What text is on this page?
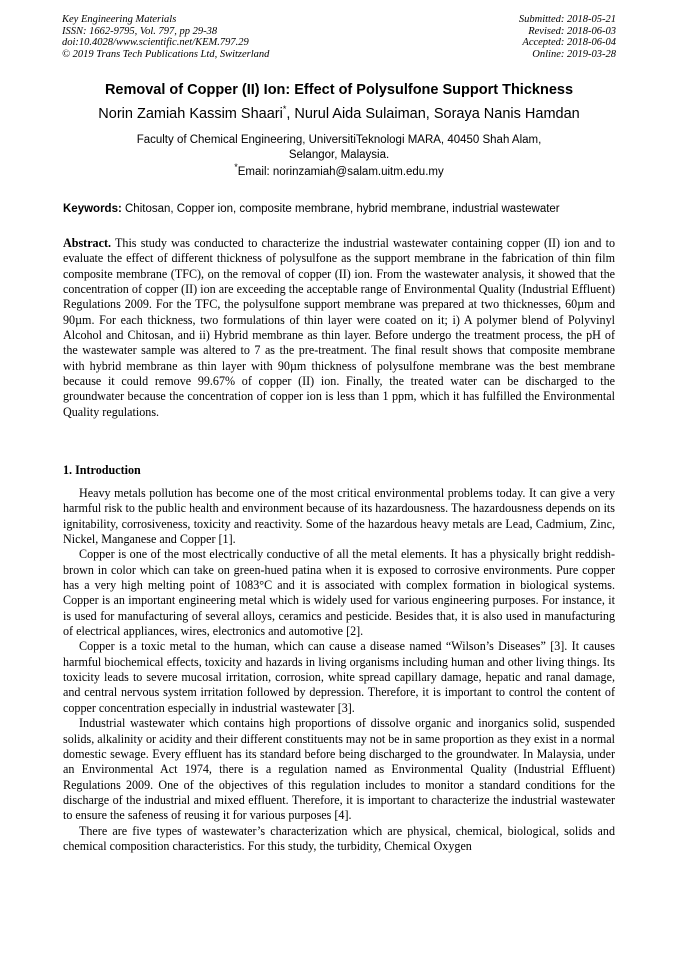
Key Engineering Materials
ISSN: 1662-9795, Vol. 797, pp 29-38
doi:10.4028/www.scientific.net/KEM.797.29
© 2019 Trans Tech Publications Ltd, Switzerland
Submitted: 2018-05-21
Revised: 2018-06-03
Accepted: 2018-06-04
Online: 2019-03-28
Removal of Copper (II) Ion: Effect of Polysulfone Support Thickness
Norin Zamiah Kassim Shaari*, Nurul Aida Sulaiman, Soraya Nanis Hamdan
Faculty of Chemical Engineering, UniversitiTeknologi MARA, 40450 Shah Alam,
Selangor, Malaysia.
*Email: norinzamiah@salam.uitm.edu.my
Keywords: Chitosan, Copper ion, composite membrane, hybrid membrane, industrial wastewater
Abstract. This study was conducted to characterize the industrial wastewater containing copper (II) ion and to evaluate the effect of different thickness of polysulfone as the support membrane in the fabrication of thin film composite membrane (TFC), on the removal of copper (II) ion. From the wastewater analysis, it showed that the concentration of copper (II) ion are exceeding the acceptable range of Environmental Quality (Industrial Effluent) Regulations 2009. For the TFC, the polysulfone support membrane was prepared at two thicknesses, 60µm and 90µm. For each thickness, two formulations of thin layer were coated on it; i) A polymer blend of Polyvinyl Alcohol and Chitosan, and ii) Hybrid membrane as thin layer. Before undergo the treatment process, the pH of the wastewater sample was altered to 7 as the pre-treatment. The final result shows that composite membrane with hybrid membrane as thin layer with 90µm thickness of polysulfone membrane was the best membrane because it could remove 99.67% of copper (II) ion. Finally, the treated water can be discharged to the groundwater because the concentration of copper ion is less than 1 ppm, which it has fulfilled the Environmental Quality regulations.
1. Introduction

Heavy metals pollution has become one of the most critical environmental problems today. It can give a very harmful risk to the public health and environment because of its hazardousness. The hazardousness depends on its ignitability, corrosiveness, toxicity and reactivity. Some of the hazardous heavy metals are Lead, Cadmium, Zinc, Nickel, Manganese and Copper [1].

Copper is one of the most electrically conductive of all the metal elements. It has a physically bright reddish-brown in color which can take on green-hued patina when it is exposed to corrosive environments. Pure copper has a very high melting point of 1083°C and it is associated with complex formation in biological systems. Copper is an important engineering metal which is widely used for various engineering purposes. For instance, it is used for manufacturing of several alloys, ceramics and pesticide. Besides that, it is also used in manufacturing of electrical appliances, wires, electronics and automotive [2].

Copper is a toxic metal to the human, which can cause a disease named “Wilson’s Diseases” [3]. It causes harmful biochemical effects, toxicity and hazards in living organisms including human and other living things. Its toxicity leads to severe mucosal irritation, corrosion, white spread capillary damage, hepatic and ranal damage, and central nervous system irritation followed by depression. Therefore, it is important to control the content of copper concentration especially in industrial wastewater [3].

Industrial wastewater which contains high proportions of dissolve organic and inorganics solid, suspended solids, alkalinity or acidity and their different constituents may not be in same proportion as they exist in a normal domestic sewage. Every effluent has its standard before being discharged to the groundwater. In Malaysia, under an Environmental Act 1974, there is a regulation named as Environmental Quality (Industrial Effluent) Regulations 2009. One of the objectives of this regulation includes to monitor a standard conditions for the discharge of the industrial and mixed effluent. Therefore, it is important to characterize the industrial wastewater to ensure the safeness of reusing it for various purposes [4].

There are five types of wastewater’s characterization which are physical, chemical, biological, solids and chemical composition characteristics. For this study, the turbidity, Chemical Oxygen
